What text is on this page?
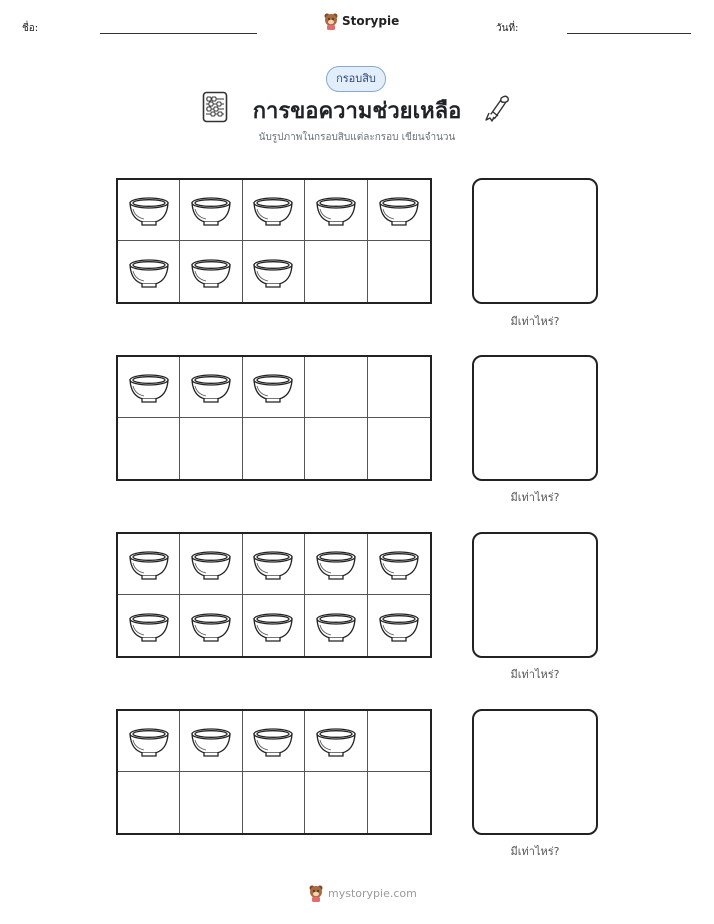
ชื่อ:
Storypie
วันที่:
กรอบสิบ
การขอความช่วยเหลือ
นับรูปภาพในกรอบสิบแต่ละกรอบ เขียนจำนวน
มีเท่าไหร่?
มีเท่าไหร่?
มีเท่าไหร่?
มีเท่าไหร่?
mystorypie.com
